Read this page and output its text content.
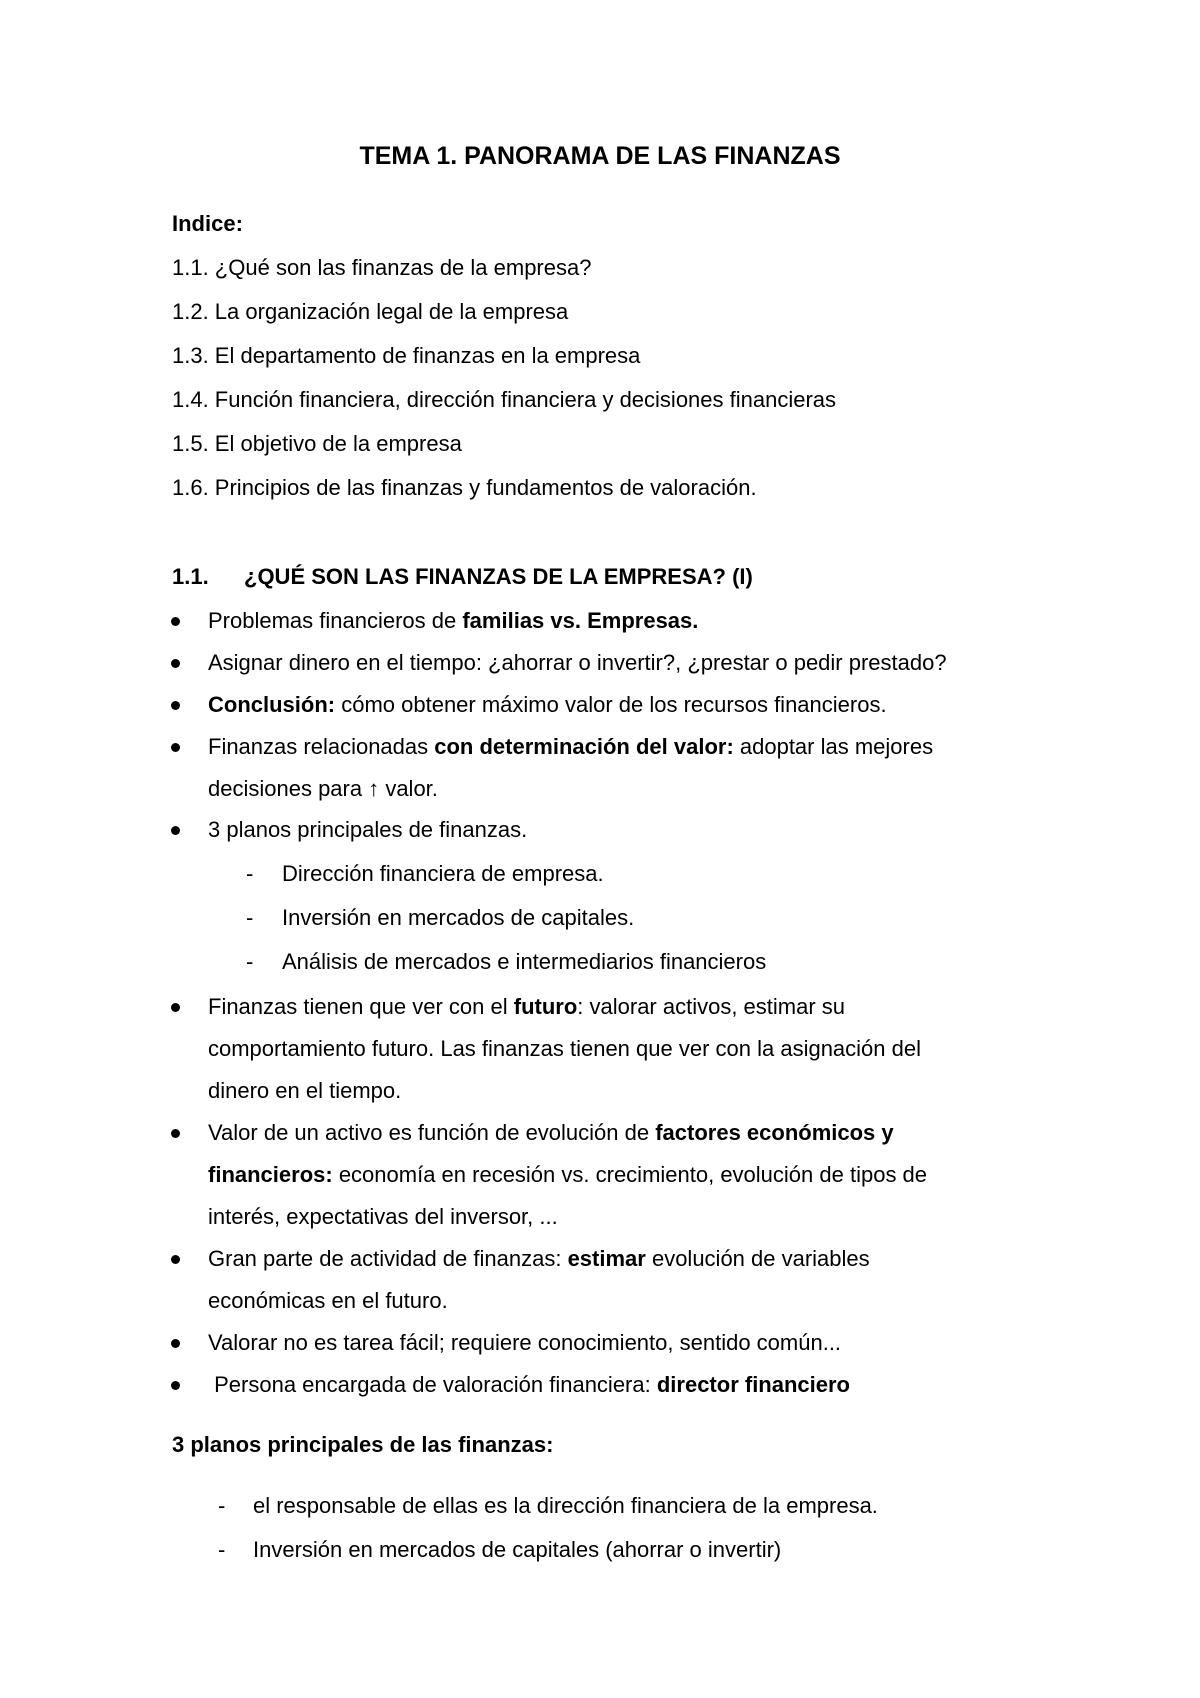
TEMA 1. PANORAMA DE LAS FINANZAS
Indice:
1.1. ¿Qué son las finanzas de la empresa?
1.2. La organización legal de la empresa
1.3. El departamento de finanzas en la empresa
1.4. Función financiera, dirección financiera y decisiones financieras
1.5. El objetivo de la empresa
1.6. Principios de las finanzas y fundamentos de valoración.
1.1. ¿QUÉ SON LAS FINANZAS DE LA EMPRESA? (I)
Problemas financieros de familias vs. Empresas.
Asignar dinero en el tiempo: ¿ahorrar o invertir?, ¿prestar o pedir prestado?
Conclusión: cómo obtener máximo valor de los recursos financieros.
Finanzas relacionadas con determinación del valor: adoptar las mejores
decisiones para ↑ valor.
3 planos principales de finanzas.
- Dirección financiera de empresa.
- Inversión en mercados de capitales.
- Análisis de mercados e intermediarios financieros
Finanzas tienen que ver con el futuro: valorar activos, estimar su
comportamiento futuro. Las finanzas tienen que ver con la asignación del
dinero en el tiempo.
Valor de un activo es función de evolución de factores económicos y
financieros: economía en recesión vs. crecimiento, evolución de tipos de
interés, expectativas del inversor, ...
Gran parte de actividad de finanzas: estimar evolución de variables
económicas en el futuro.
Valorar no es tarea fácil; requiere conocimiento, sentido común...
Persona encargada de valoración financiera: director financiero
3 planos principales de las finanzas:
- el responsable de ellas es la dirección financiera de la empresa.
- Inversión en mercados de capitales (ahorrar o invertir)
